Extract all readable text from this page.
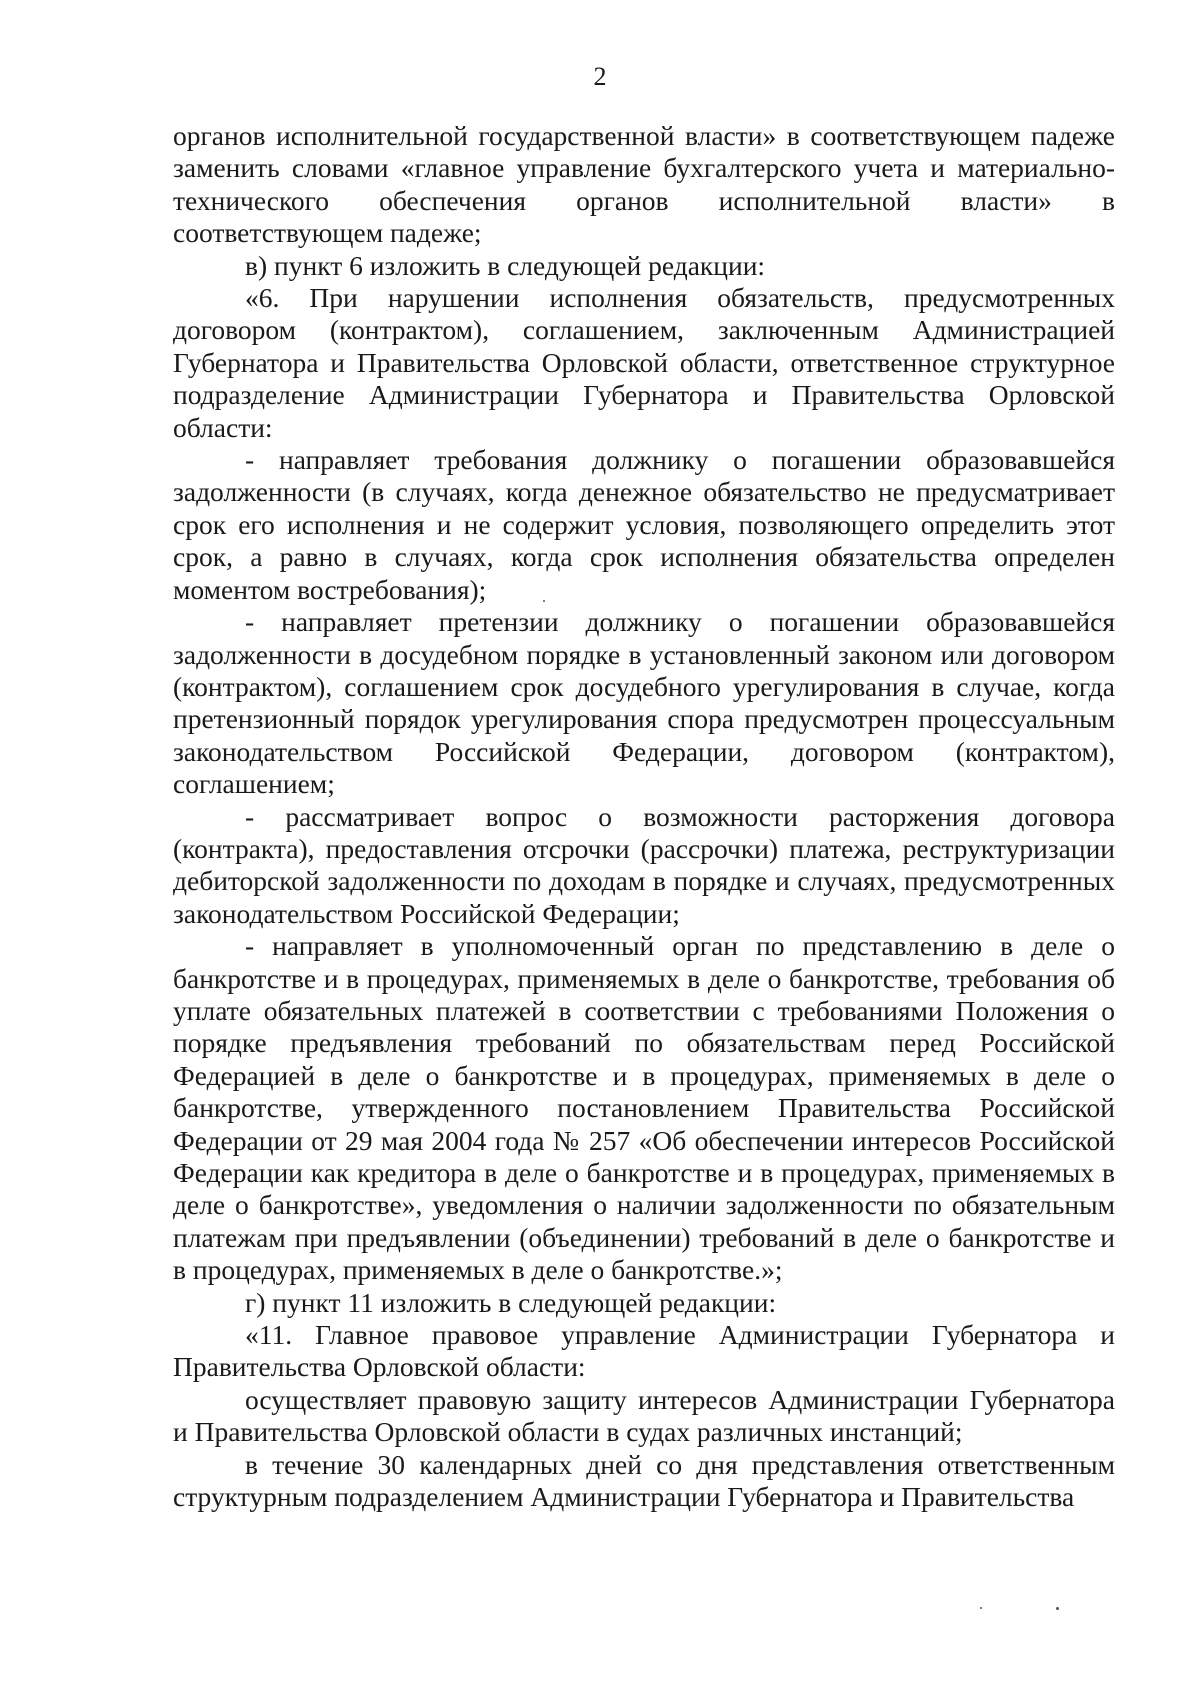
2

органов исполнительной государственной власти» в соответствующем падеже заменить словами «главное управление бухгалтерского учета и материально-технического обеспечения органов исполнительной власти» в соответствующем падеже;

в) пункт 6 изложить в следующей редакции:

«6. При нарушении исполнения обязательств, предусмотренных договором (контрактом), соглашением, заключенным Администрацией Губернатора и Правительства Орловской области, ответственное структурное подразделение Администрации Губернатора и Правительства Орловской области:

- направляет требования должнику о погашении образовавшейся задолженности (в случаях, когда денежное обязательство не предусматривает срок его исполнения и не содержит условия, позволяющего определить этот срок, а равно в случаях, когда срок исполнения обязательства определен моментом востребования);

- направляет претензии должнику о погашении образовавшейся задолженности в досудебном порядке в установленный законом или договором (контрактом), соглашением срок досудебного урегулирования в случае, когда претензионный порядок урегулирования спора предусмотрен процессуальным законодательством Российской Федерации, договором (контрактом), соглашением;

- рассматривает вопрос о возможности расторжения договора (контракта), предоставления отсрочки (рассрочки) платежа, реструктуризации дебиторской задолженности по доходам в порядке и случаях, предусмотренных законодательством Российской Федерации;

- направляет в уполномоченный орган по представлению в деле о банкротстве и в процедурах, применяемых в деле о банкротстве, требования об уплате обязательных платежей в соответствии с требованиями Положения о порядке предъявления требований по обязательствам перед Российской Федерацией в деле о банкротстве и в процедурах, применяемых в деле о банкротстве, утвержденного постановлением Правительства Российской Федерации от 29 мая 2004 года № 257 «Об обеспечении интересов Российской Федерации как кредитора в деле о банкротстве и в процедурах, применяемых в деле о банкротстве», уведомления о наличии задолженности по обязательным платежам при предъявлении (объединении) требований в деле о банкротстве и в процедурах, применяемых в деле о банкротстве.»;

г) пункт 11 изложить в следующей редакции:

«11. Главное правовое управление Администрации Губернатора и Правительства Орловской области:

осуществляет правовую защиту интересов Администрации Губернатора и Правительства Орловской области в судах различных инстанций;

в течение 30 календарных дней со дня представления ответственным структурным подразделением Администрации Губернатора и Правительства
